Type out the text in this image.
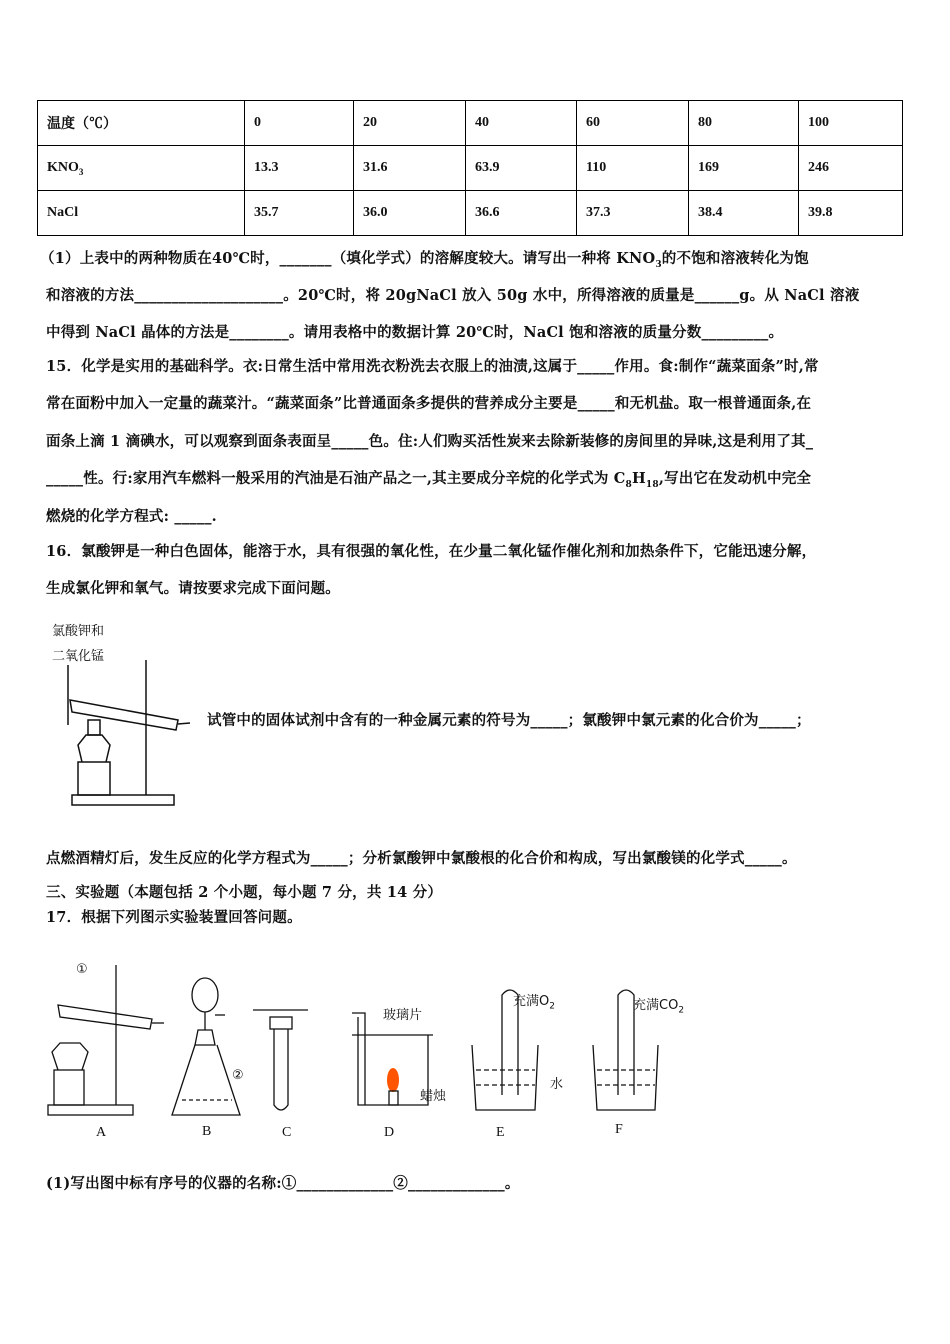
温度（℃）	0	20	40	60	80	100
$KNO_3$	13.3	31.6	63.9	110	169	246
NaCl	35.7	36.0	36.6	37.3	38.4	39.8
（1）上表中的两种物质在40℃时，_______（填化学式）的溶解度较大。请写出一种将 $KNO_3$的不饱和溶液转化为饱
和溶液的方法____________________。20℃时，将 20gNaCl 放入 50g 水中，所得溶液的质量是______g。从 NaCl 溶液
中得到 NaCl 晶体的方法是________。请用表格中的数据计算 20℃时，NaCl 饱和溶液的质量分数_________。
15．化学是实用的基础科学。衣:日常生活中常用洗衣粉洗去衣服上的油渍,这属于_____作用。食:制作“蔬菜面条”时,常
常在面粉中加入一定量的蔬菜汁。“蔬菜面条”比普通面条多提供的营养成分主要是_____和无机盐。取一根普通面条,在
面条上滴 1 滴碘水，可以观察到面条表面呈_____色。住:人们购买活性炭来去除新装修的房间里的异味,这是利用了其_
_____性。行:家用汽车燃料一般采用的汽油是石油产品之一,其主要成分辛烷的化学式为 $C_8H_{18}$,写出它在发动机中完全
燃烧的化学方程式: _____.
16．氯酸钾是一种白色固体，能溶于水，具有很强的氧化性，在少量二氧化锰作催化剂和加热条件下，它能迅速分解，
生成氯化钾和氧气。请按要求完成下面问题。
氯酸钾和
二氧化锰
试管中的固体试剂中含有的一种金属元素的符号为_____；氯酸钾中氯元素的化合价为_____；
点燃酒精灯后，发生反应的化学方程式为_____；分析氯酸钾中氯酸根的化合价和构成，写出氯酸镁的化学式_____。
三、实验题（本题包括 2 个小题，每小题 7 分，共 14 分）
17．根据下列图示实验装置回答问题。
①
②
玻璃片
蜡烛
水
充满$O_2$	充满$CO_2$
A	B	C	D	E	F
(1)写出图中标有序号的仪器的名称:①_____________②_____________。
